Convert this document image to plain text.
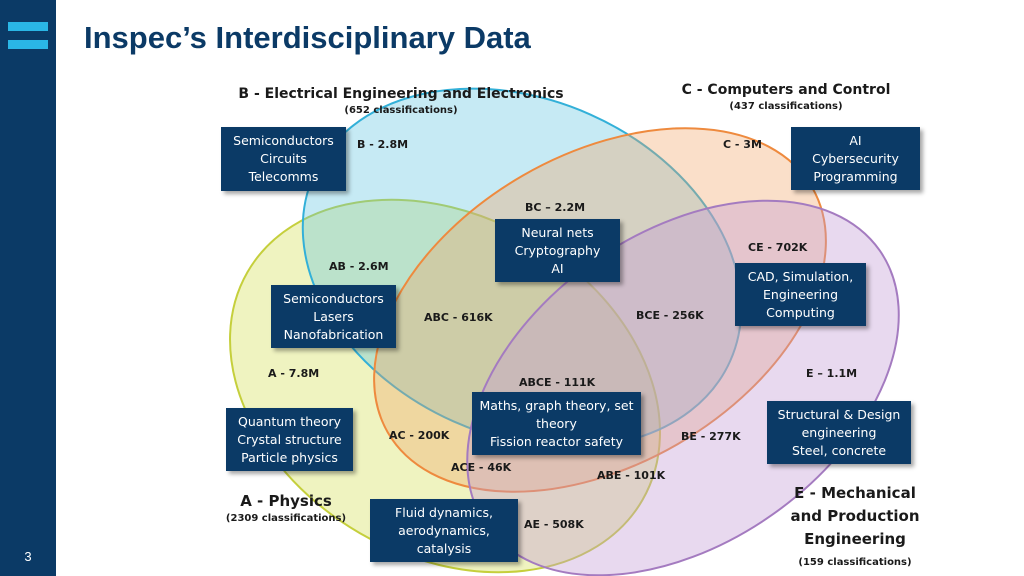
3
Inspec’s Interdisciplinary Data
B - Electrical Engineering and Electronics
(652 classifications)
C - Computers and Control
(437 classifications)
A - Physics
(2309 classifications)
E - Mechanical
and Production
Engineering
(159 classifications)
B - 2.8M	C - 3M
BC – 2.2M
CE - 702K
AB - 2.6M
ABC - 616K	BCE - 256K
A - 7.8M	E – 1.1M
ABCE - 111K
AC - 200K	BE - 277K
ACE - 46K
ABE - 101K
AE - 508K
Semiconductors
Circuits
Telecomms
AI
Cybersecurity
Programming
Neural nets
Cryptography
AI
CAD, Simulation,
Engineering
Computing
Semiconductors
Lasers
Nanofabrication
Maths, graph theory, set
theory
Fission reactor safety
Structural & Design
engineering
Steel, concrete
Quantum theory
Crystal structure
Particle physics
Fluid dynamics,
aerodynamics,
catalysis
